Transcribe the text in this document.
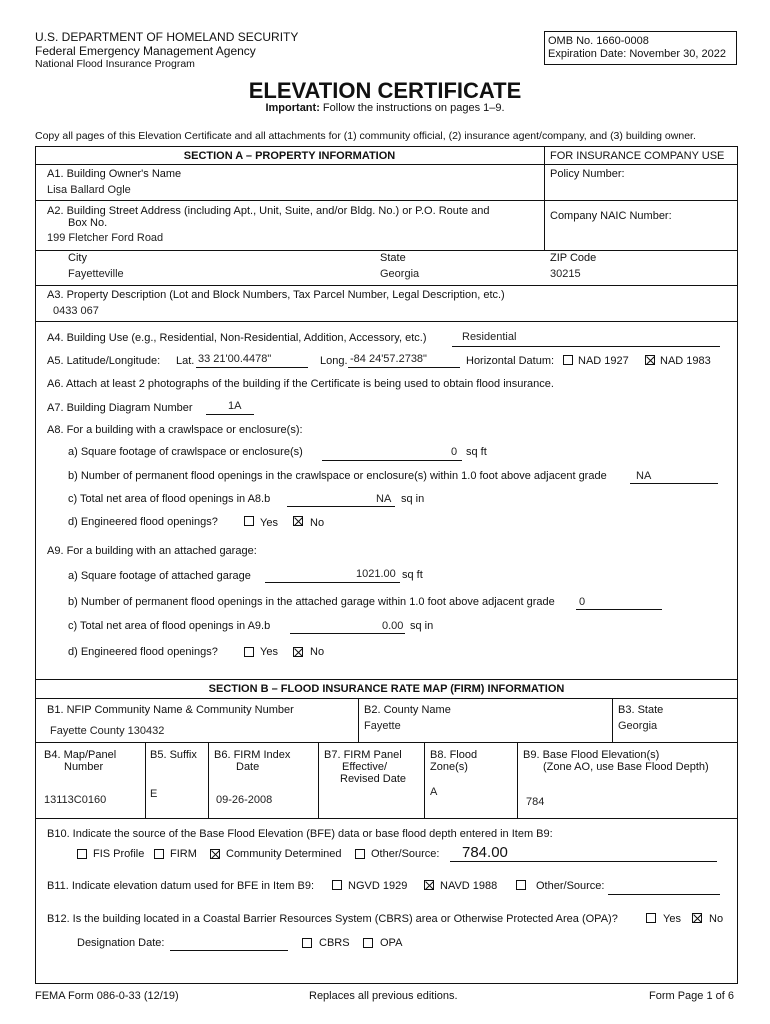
U.S. DEPARTMENT OF HOMELAND SECURITY
Federal Emergency Management Agency
National Flood Insurance Program
OMB No. 1660-0008
Expiration Date: November 30, 2022
ELEVATION CERTIFICATE
Important: Follow the instructions on pages 1–9.
Copy all pages of this Elevation Certificate and all attachments for (1) community official, (2) insurance agent/company, and (3) building owner.
SECTION A – PROPERTY INFORMATION	FOR INSURANCE COMPANY USE
A1. Building Owner's Name
Lisa Ballard Ogle
Policy Number:
A2. Building Street Address (including Apt., Unit, Suite, and/or Bldg. No.) or P.O. Route and
Box No.
199 Fletcher Ford Road
Company NAIC Number:
City
Fayetteville
State
Georgia
ZIP Code
30215
A3. Property Description (Lot and Block Numbers, Tax Parcel Number, Legal Description, etc.)
0433 067
A4. Building Use (e.g., Residential, Non-Residential, Addition, Accessory, etc.)	Residential
A5. Latitude/Longitude: Lat. 33 21'00.4478"	Long. -84 24'57.2738"	Horizontal Datum: NAD 1927	NAD 1983
A6. Attach at least 2 photographs of the building if the Certificate is being used to obtain flood insurance.
A7. Building Diagram Number	1A
A8. For a building with a crawlspace or enclosure(s):
a) Square footage of crawlspace or enclosure(s)	0 sq ft
b) Number of permanent flood openings in the crawlspace or enclosure(s) within 1.0 foot above adjacent grade	NA
c) Total net area of flood openings in A8.b	NA sq in
d) Engineered flood openings?	Yes	No
A9. For a building with an attached garage:
a) Square footage of attached garage	1021.00 sq ft
b) Number of permanent flood openings in the attached garage within 1.0 foot above adjacent grade 0
c) Total net area of flood openings in A9.b	0.00 sq in
d) Engineered flood openings?	Yes	No
SECTION B – FLOOD INSURANCE RATE MAP (FIRM) INFORMATION
B1. NFIP Community Name & Community Number
Fayette County 130432
B2. County Name
Fayette
B3. State
Georgia
B4. Map/Panel
Number
13113C0160
B5. Suffix
E
B6. FIRM Index
Date
09-26-2008
B7. FIRM Panel
Effective/
Revised Date
B8. Flood
Zone(s)
A
B9. Base Flood Elevation(s)
(Zone AO, use Base Flood Depth)
784
B10. Indicate the source of the Base Flood Elevation (BFE) data or base flood depth entered in Item B9:
FIS Profile FIRM	Community Determined	Other/Source: 784.00
B11. Indicate elevation datum used for BFE in Item B9:	NGVD 1929	NAVD 1988	Other/Source:
B12. Is the building located in a Coastal Barrier Resources System (CBRS) area or Otherwise Protected Area (OPA)?	Yes	No
Designation Date:	CBRS	OPA
FEMA Form 086-0-33 (12/19)	Replaces all previous editions.	Form Page 1 of 6
